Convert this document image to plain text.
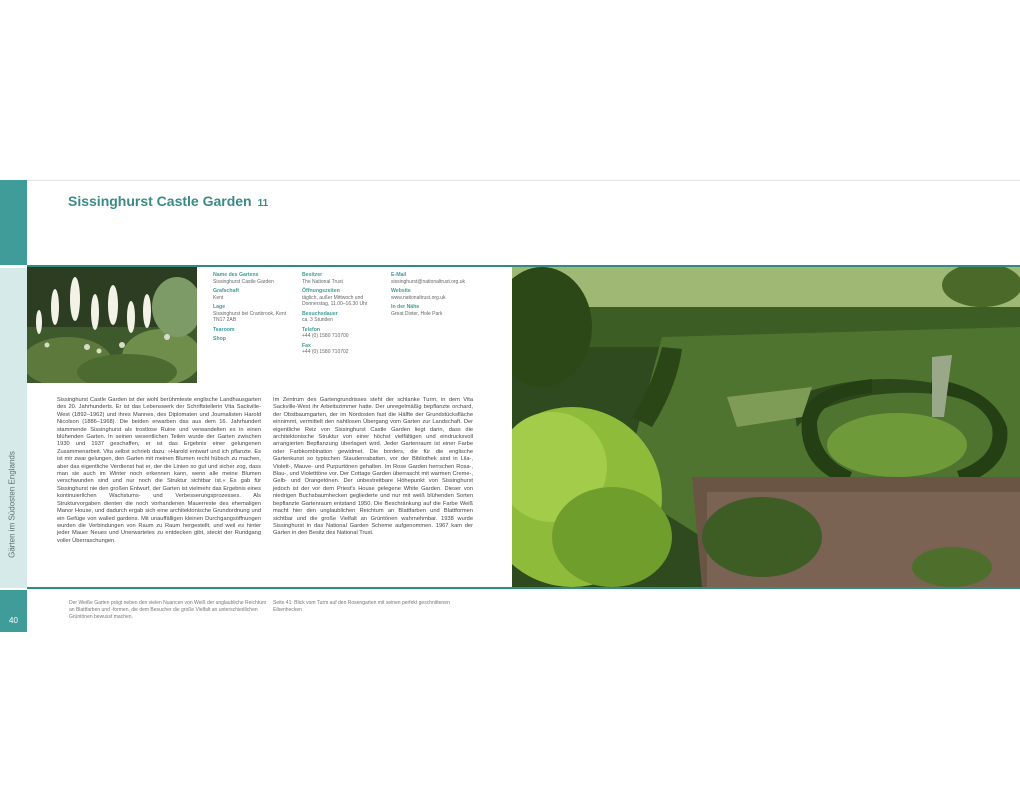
Gärten im Südosten Englands
40
Sissinghurst Castle Garden 11
Name des Gartens
Sissinghurst Castle Garden
Grafschaft
Kent
Lage
Sissinghurst bei Cranbrook, Kent TN17 2AB
Tearoom
Shop
Besitzer
The National Trust
Öffnungszeiten
täglich, außer Mittwoch und Donnerstag, 11.00–16.30 Uhr
Besuchsdauer
ca. 3 Stunden
Telefon
+44 (0) 1580 710700
Fax
+44 (0) 1580 710702
E-Mail
sissinghurst@nationaltrust.org.uk
Website
www.nationaltrust.org.uk
In der Nähe
Great Dixter, Hole Park

Sissinghurst Castle Garden ist der wohl berühmteste englische Landhausgarten des 20. Jahrhunderts. Er ist das Lebenswerk der Schriftstellerin Vita Sackville-West (1892–1962) und ihres Mannes, des Diplomaten und Journalisten Harold Nicolson (1886–1968). Die beiden erwarben das aus dem 16. Jahrhundert stammende Sissinghurst als trostlose Ruine und verwandelten es in einen blühenden Garten. In seinen wesentlichen Teilen wurde der Garten zwischen 1930 und 1937 geschaffen, er ist das Ergebnis einer gelungenen Zusammenarbeit. Vita selbst schrieb dazu: »Harold entwarf und ich pflanzte. Es ist mir zwar gelungen, den Garten mit meinen Blumen recht hübsch zu machen, aber das eigentliche Verdienst hat er, der die Linien so gut und sicher zog, dass man sie auch im Winter noch erkennen kann, wenn alle meine Blumen verschwunden sind und nur noch die Struktur sichtbar ist.« Es gab für Sissinghurst nie den großen Entwurf, der Garten ist vielmehr das Ergebnis eines kontinuierlichen Wachstums- und Verbesserungsprozesses. Als Strukturvorgaben dienten die noch vorhandenen Mauerreste des ehemaligen Manor House, und dadurch ergab sich eine architektonische Grundordnung und ein Gefüge von walled gardens. Mit unauffälligen kleinen Durchgangsöffnungen wurden die Verbindungen von Raum zu Raum hergestellt, und weil es hinter jeder Mauer Neues und Unerwartetes zu entdecken gibt, steckt der Rundgang voller Überraschungen.

Im Zentrum des Gartengrundrisses steht der schlanke Turm, in dem Vita Sackville-West ihr Arbeitszimmer hatte. Der unregelmäßig bepflanzte orchard, der Obstbaumgarten, der im Nordosten fast die Hälfte der Grundstücksfläche einnimmt, vermittelt den nahtlosen Übergang vom Garten zur Landschaft. Der eigentliche Reiz von Sissinghurst Castle Garden liegt darin, dass die architektonische Struktur von einer höchst vielfältigen und eindrucksvoll arrangierten Bepflanzung überlagert wird. Jeder Gartenraum ist einer Farbe oder Farbkombination gewidmet. Die borders, die für die englische Gartenkunst so typischen Staudenrabatten, vor der Bibliothek sind in Lila-, Violett-, Mauve- und Purpurtönen gehalten. Im Rose Garden herrschen Rosa-, Blau-, und Violetttöne vor. Der Cottage Garden überrascht mit warmen Creme-, Gelb- und Orangetönen. Der unbestreitbare Höhepunkt von Sissinghurst jedoch ist der vor dem Priest's House gelegene White Garden. Dieser von niedrigen Buchsbaumhecken gegliederte und nur mit weiß blühenden Sorten bepflanzte Gartenraum entstand 1950. Die Beschränkung auf die Farbe Weiß macht hier den unglaublichen Reichtum an Blattfarben und Blattformen sichtbar und die große Vielfalt an Grüntönen wahrnehmbar. 1938 wurde Sissinghurst in das National Garden Scheme aufgenommen. 1967 kam der Garten in den Besitz des National Trust.

Der Weiße Garten prägt neben den vielen Nuancen von Weiß der unglaubliche Reichtum an Blattfarben und -formen, die dem Besucher die große Vielfalt an unterschiedlichen Grüntönen bewusst machen.
Seite 41: Blick vom Turm auf den Rosengarten mit seinen perfekt geschnittenen Eibenhecken
